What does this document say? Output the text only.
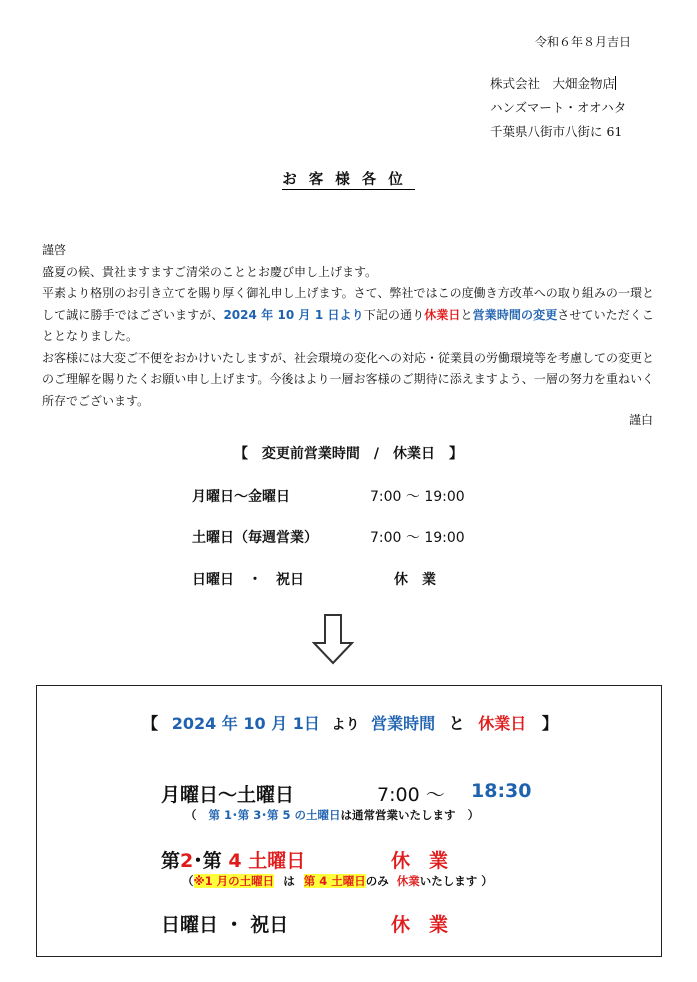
令和６年８月吉日
株式会社　大畑金物店
ハンズマート・オオハタ
千葉県八街市八街に 61
お客様各位

謹啓

盛夏の候、貴社ますますご清栄のこととお慶び申し上げます。

平素より格別のお引き立てを賜り厚く御礼申し上げます。さて、弊社ではこの度働き方改革への取り組みの一環として誠に勝手ではございますが、2024 年 10 月 1 日より下記の通り休業日と営業時間の変更させていただくこととなりました。

お客様には大変ご不便をおかけいたしますが、社会環境の変化への対応・従業員の労働環境等を考慮しての変更とのご理解を賜りたくお願い申し上げます。今後はより一層お客様のご期待に添えますよう、一層の努力を重ねいく所存でございます。

謹白
【　変更前営業時間　/　休業日　】
月曜日～金曜日	7:00 ～ 19:00
土曜日（毎週営業）	7:00 ～ 19:00
日曜日　・　祝日	休　業
【 2024 年 10 月 1日 より 営業時間 と 休業日 】
月曜日～土曜日	7:00 ～ 18:30
（ 第 1･第 3･第 5 の土曜日は通常営業いたします ）
第2･第 4 土曜日	休　業
（※1 月の土曜日 は 第 4 土曜日のみ 休業いたします ）
日曜日 ・ 祝日	休　業
